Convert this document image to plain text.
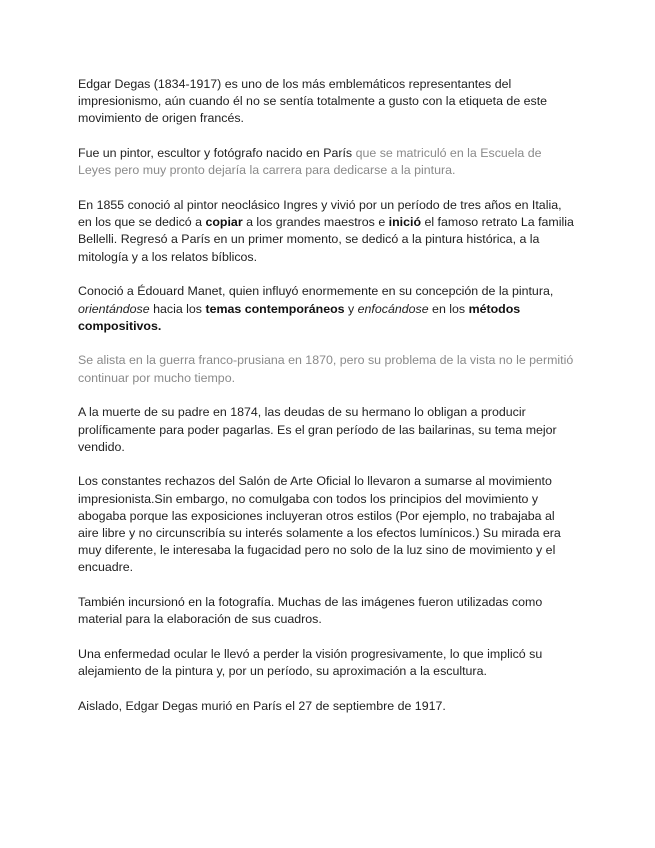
Edgar Degas (1834-1917) es uno de los más emblemáticos representantes del impresionismo, aún cuando él no se sentía totalmente a gusto con la etiqueta de este movimiento de origen francés.

Fue un pintor, escultor y fotógrafo nacido en París que se matriculó en la Escuela de Leyes pero muy pronto dejaría la carrera para dedicarse a la pintura.

En 1855 conoció al pintor neoclásico Ingres y vivió por un período de tres años en Italia, en los que se dedicó a copiar a los grandes maestros e inició el famoso retrato La familia Bellelli. Regresó a París en un primer momento, se dedicó a la pintura histórica, a la mitología y a los relatos bíblicos.

Conoció a Édouard Manet, quien influyó enormemente en su concepción de la pintura, orientándose hacia los temas contemporáneos y enfocándose en los métodos compositivos.

Se alista en la guerra franco-prusiana en 1870, pero su problema de la vista no le permitió continuar por mucho tiempo.

A la muerte de su padre en 1874, las deudas de su hermano lo obligan a producir prolíficamente para poder pagarlas. Es el gran período de las bailarinas, su tema mejor vendido.

Los constantes rechazos del Salón de Arte Oficial lo llevaron a sumarse al movimiento impresionista.Sin embargo, no comulgaba con todos los principios del movimiento y abogaba porque las exposiciones incluyeran otros estilos (Por ejemplo, no trabajaba al aire libre y no circunscribía su interés solamente a los efectos lumínicos.) Su mirada era muy diferente, le interesaba la fugacidad pero no solo de la luz sino de movimiento y el encuadre.

También incursionó en la fotografía. Muchas de las imágenes fueron utilizadas como material para la elaboración de sus cuadros.

Una enfermedad ocular le llevó a perder la visión progresivamente, lo que implicó su alejamiento de la pintura y, por un período, su aproximación a la escultura.

Aislado, Edgar Degas murió en París el 27 de septiembre de 1917.
